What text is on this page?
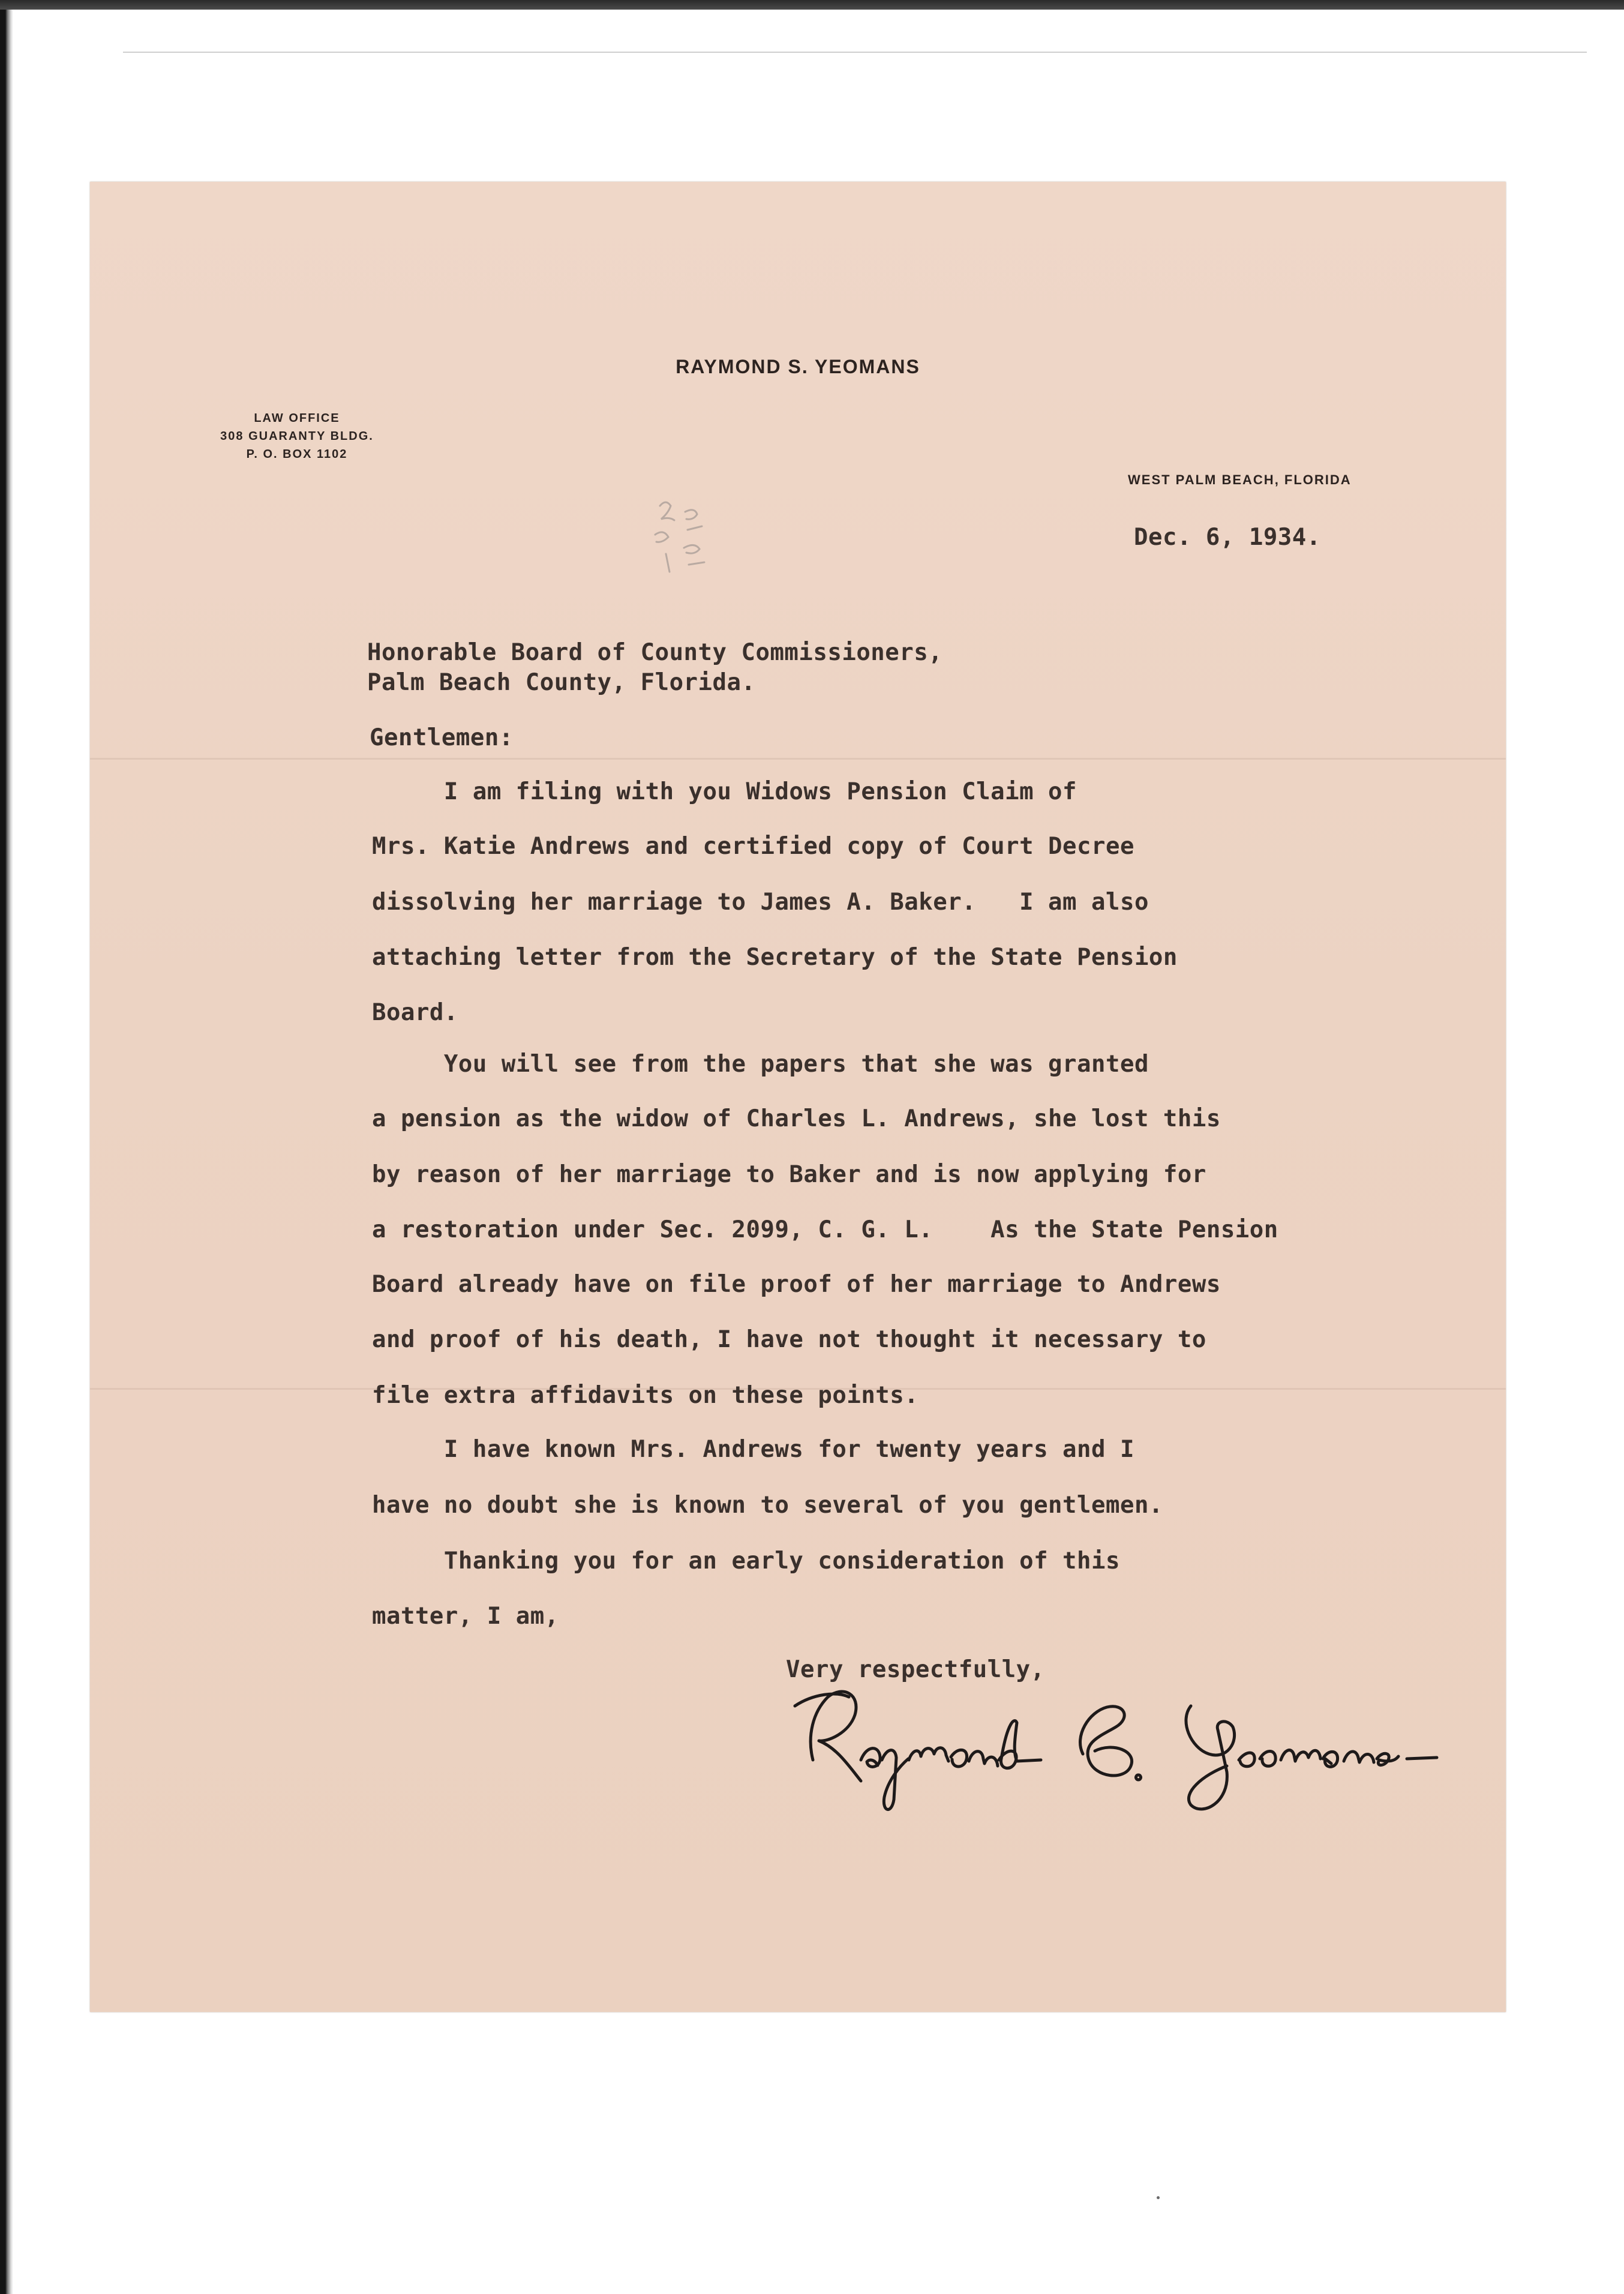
RAYMOND S. YEOMANS
LAW OFFICE
308 GUARANTY BLDG.
P. O. BOX 1102
WEST PALM BEACH, FLORIDA
Dec. 6, 1934.
Honorable Board of County Commissioners,
Palm Beach County, Florida.
Gentlemen:
I am filing with you Widows Pension Claim of
Mrs. Katie Andrews and certified copy of Court Decree
dissolving her marriage to James A. Baker.   I am also
attaching letter from the Secretary of the State Pension
Board.
You will see from the papers that she was granted
a pension as the widow of Charles L. Andrews, she lost this
by reason of her marriage to Baker and is now applying for
a restoration under Sec. 2099, C. G. L.    As the State Pension
Board already have on file proof of her marriage to Andrews
and proof of his death, I have not thought it necessary to
file extra affidavits on these points.
I have known Mrs. Andrews for twenty years and I
have no doubt she is known to several of you gentlemen.
Thanking you for an early consideration of this
matter, I am,
Very respectfully,
